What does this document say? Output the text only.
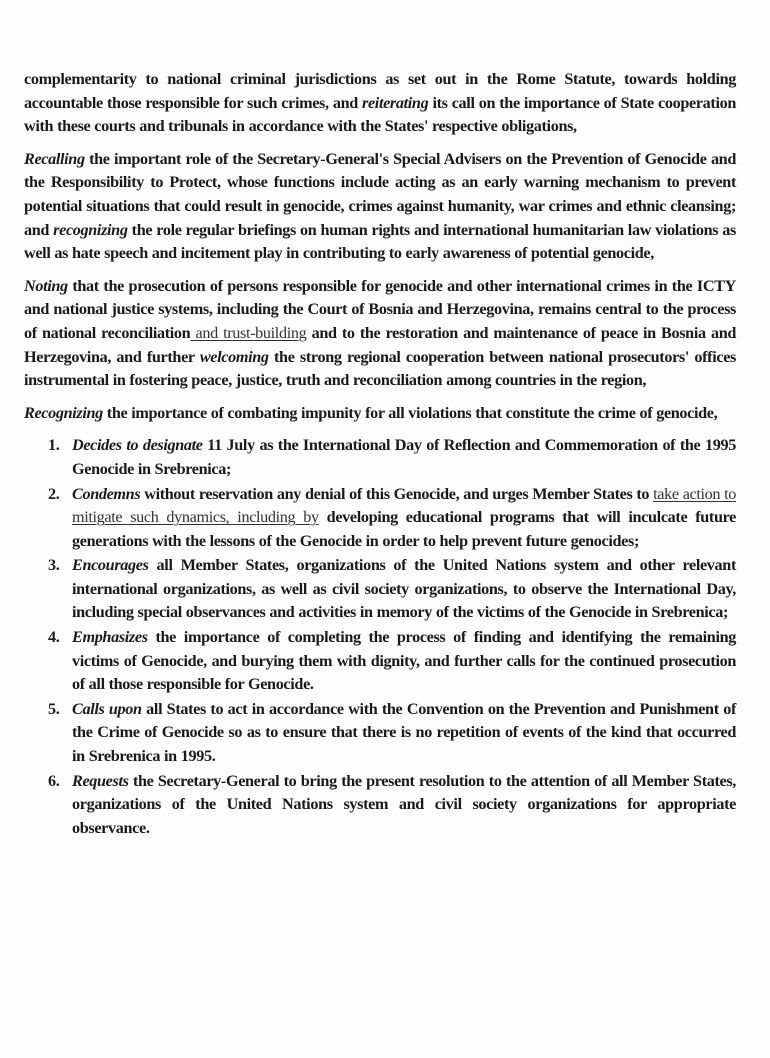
complementarity to national criminal jurisdictions as set out in the Rome Statute, towards holding accountable those responsible for such crimes, and reiterating its call on the importance of State cooperation with these courts and tribunals in accordance with the States' respective obligations,

Recalling the important role of the Secretary-General's Special Advisers on the Prevention of Genocide and the Responsibility to Protect, whose functions include acting as an early warning mechanism to prevent potential situations that could result in genocide, crimes against humanity, war crimes and ethnic cleansing; and recognizing the role regular briefings on human rights and international humanitarian law violations as well as hate speech and incitement play in contributing to early awareness of potential genocide,

Noting that the prosecution of persons responsible for genocide and other international crimes in the ICTY and national justice systems, including the Court of Bosnia and Herzegovina, remains central to the process of national reconciliation and trust-building and to the restoration and maintenance of peace in Bosnia and Herzegovina, and further welcoming the strong regional cooperation between national prosecutors' offices instrumental in fostering peace, justice, truth and reconciliation among countries in the region,

Recognizing the importance of combating impunity for all violations that constitute the crime of genocide,

1. Decides to designate 11 July as the International Day of Reflection and Commemoration of the 1995 Genocide in Srebrenica;
2. Condemns without reservation any denial of this Genocide, and urges Member States to take action to mitigate such dynamics, including by developing educational programs that will inculcate future generations with the lessons of the Genocide in order to help prevent future genocides;
3. Encourages all Member States, organizations of the United Nations system and other relevant international organizations, as well as civil society organizations, to observe the International Day, including special observances and activities in memory of the victims of the Genocide in Srebrenica;
4. Emphasizes the importance of completing the process of finding and identifying the remaining victims of Genocide, and burying them with dignity, and further calls for the continued prosecution of all those responsible for Genocide.
5. Calls upon all States to act in accordance with the Convention on the Prevention and Punishment of the Crime of Genocide so as to ensure that there is no repetition of events of the kind that occurred in Srebrenica in 1995.
6. Requests the Secretary-General to bring the present resolution to the attention of all Member States, organizations of the United Nations system and civil society organizations for appropriate observance.
